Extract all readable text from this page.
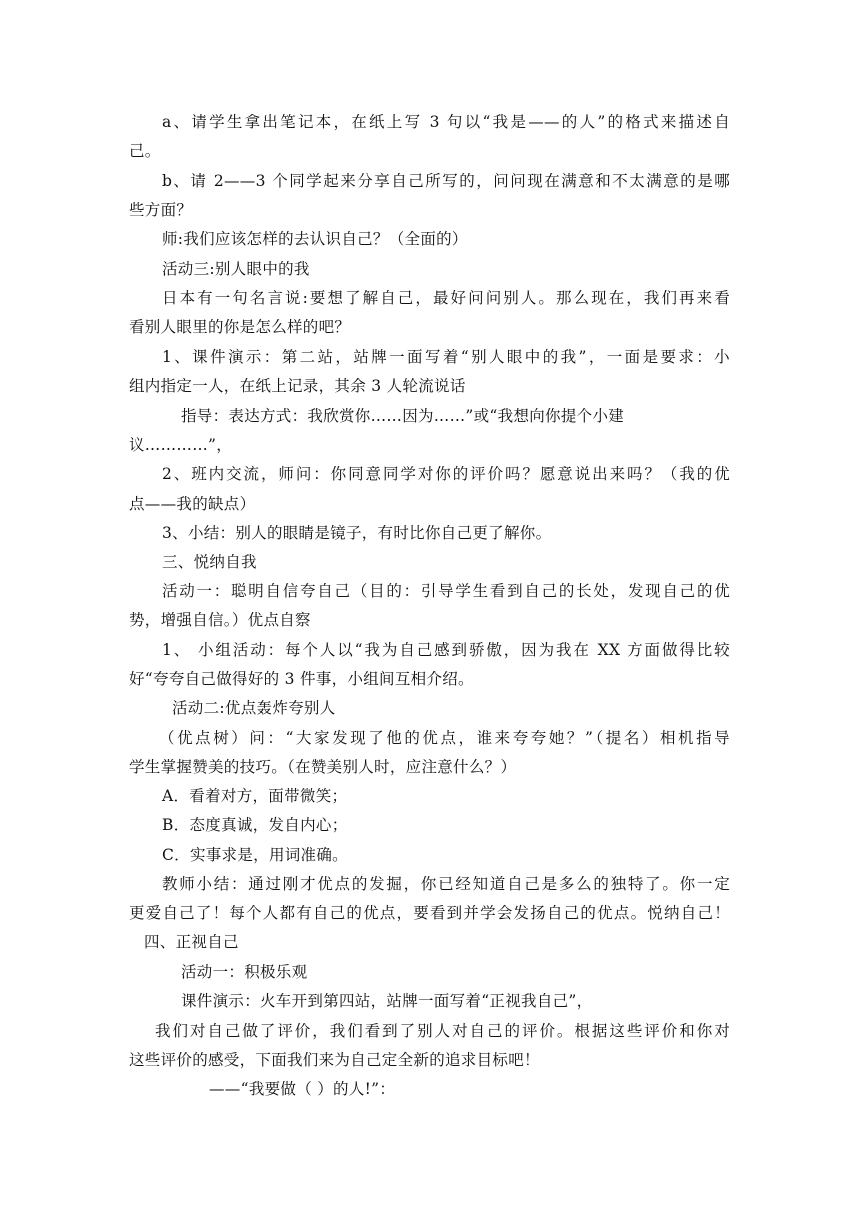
a、请学生拿出笔记本，在纸上写 3 句以“我是——的人”的格式来描述自
己。
b、请 2——3 个同学起来分享自己所写的，问问现在满意和不太满意的是哪
些方面？
师:我们应该怎样的去认识自己？（全面的）
活动三:别人眼中的我
日本有一句名言说:要想了解自己，最好问问别人。那么现在，我们再来看
看别人眼里的你是怎么样的吧？
1、课件演示：第二站，站牌一面写着“别人眼中的我”，一面是要求：小
组内指定一人，在纸上记录，其余 3 人轮流说话
指导：表达方式：我欣赏你……因为……”或“我想向你提个小建
议…………”，
2、班内交流，师问：你同意同学对你的评价吗？愿意说出来吗？（我的优
点——我的缺点）
3、小结：别人的眼睛是镜子，有时比你自己更了解你。
三、悦纳自我
活动一：聪明自信夸自己（目的：引导学生看到自己的长处，发现自己的优
势，增强自信。）优点自察
1、 小组活动：每个人以“我为自己感到骄傲，因为我在 XX 方面做得比较
好“夸夸自己做得好的 3 件事，小组间互相介绍。
活动二:优点轰炸夸别人
（优点树）问：“大家发现了他的优点，谁来夸夸她？”（提名）相机指导
学生掌握赞美的技巧。（在赞美别人时，应注意什么？）
A．看着对方，面带微笑；
B．态度真诚，发自内心；
C．实事求是，用词准确。
教师小结：通过刚才优点的发掘，你已经知道自己是多么的独特了。你一定
更爱自己了！每个人都有自己的优点，要看到并学会发扬自己的优点。悦纳自己！
四、正视自己
活动一：积极乐观
课件演示：火车开到第四站，站牌一面写着“正视我自己”，
我们对自己做了评价，我们看到了别人对自己的评价。根据这些评价和你对
这些评价的感受，下面我们来为自己定全新的追求目标吧！
——“我要做（ ）的人!”：
